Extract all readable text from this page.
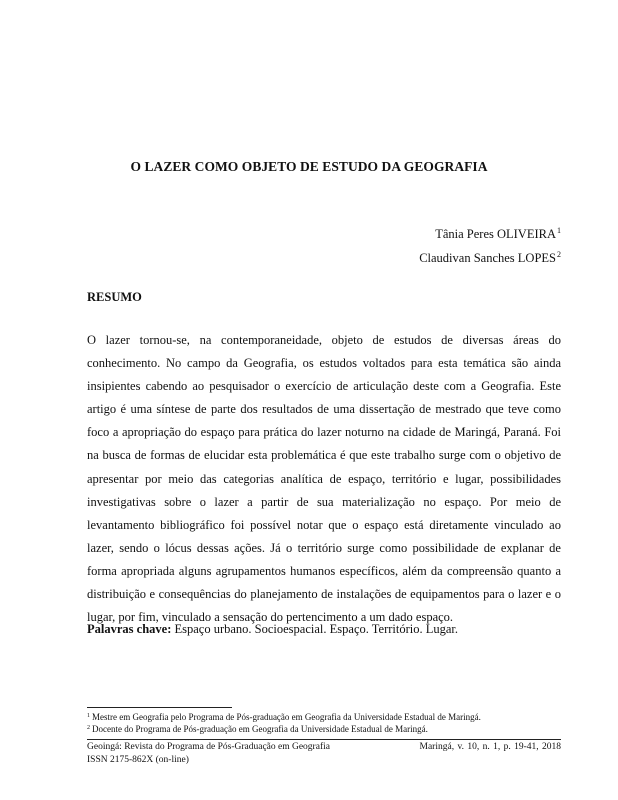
O LAZER COMO OBJETO DE ESTUDO DA GEOGRAFIA
Tânia Peres OLIVEIRA$^1$
Claudivan Sanches LOPES$^2$
RESUMO

O lazer tornou-se, na contemporaneidade, objeto de estudos de diversas áreas do conhecimento. No campo da Geografia, os estudos voltados para esta temática são ainda insipientes cabendo ao pesquisador o exercício de articulação deste com a Geografia. Este artigo é uma síntese de parte dos resultados de uma dissertação de mestrado que teve como foco a apropriação do espaço para prática do lazer noturno na cidade de Maringá, Paraná. Foi na busca de formas de elucidar esta problemática é que este trabalho surge com o objetivo de apresentar por meio das categorias analítica de espaço, território e lugar, possibilidades investigativas sobre o lazer a partir de sua materialização no espaço. Por meio de levantamento bibliográfico foi possível notar que o espaço está diretamente vinculado ao lazer, sendo o lócus dessas ações. Já o território surge como possibilidade de explanar de forma apropriada alguns agrupamentos humanos específicos, além da compreensão quanto a distribuição e consequências do planejamento de instalações de equipamentos para o lazer e o lugar, por fim, vinculado a sensação do pertencimento a um dado espaço.

Palavras chave: Espaço urbano. Socioespacial. Espaço. Território. Lugar.
$^1$ Mestre em Geografia pelo Programa de Pós-graduação em Geografia da Universidade Estadual de Maringá.
$^2$ Docente do Programa de Pós-graduação em Geografia da Universidade Estadual de Maringá.
Geoingá: Revista do Programa de Pós-Graduação em Geografia	Maringá, v. 10, n. 1, p. 19-41, 2018
ISSN 2175-862X (on-line)
